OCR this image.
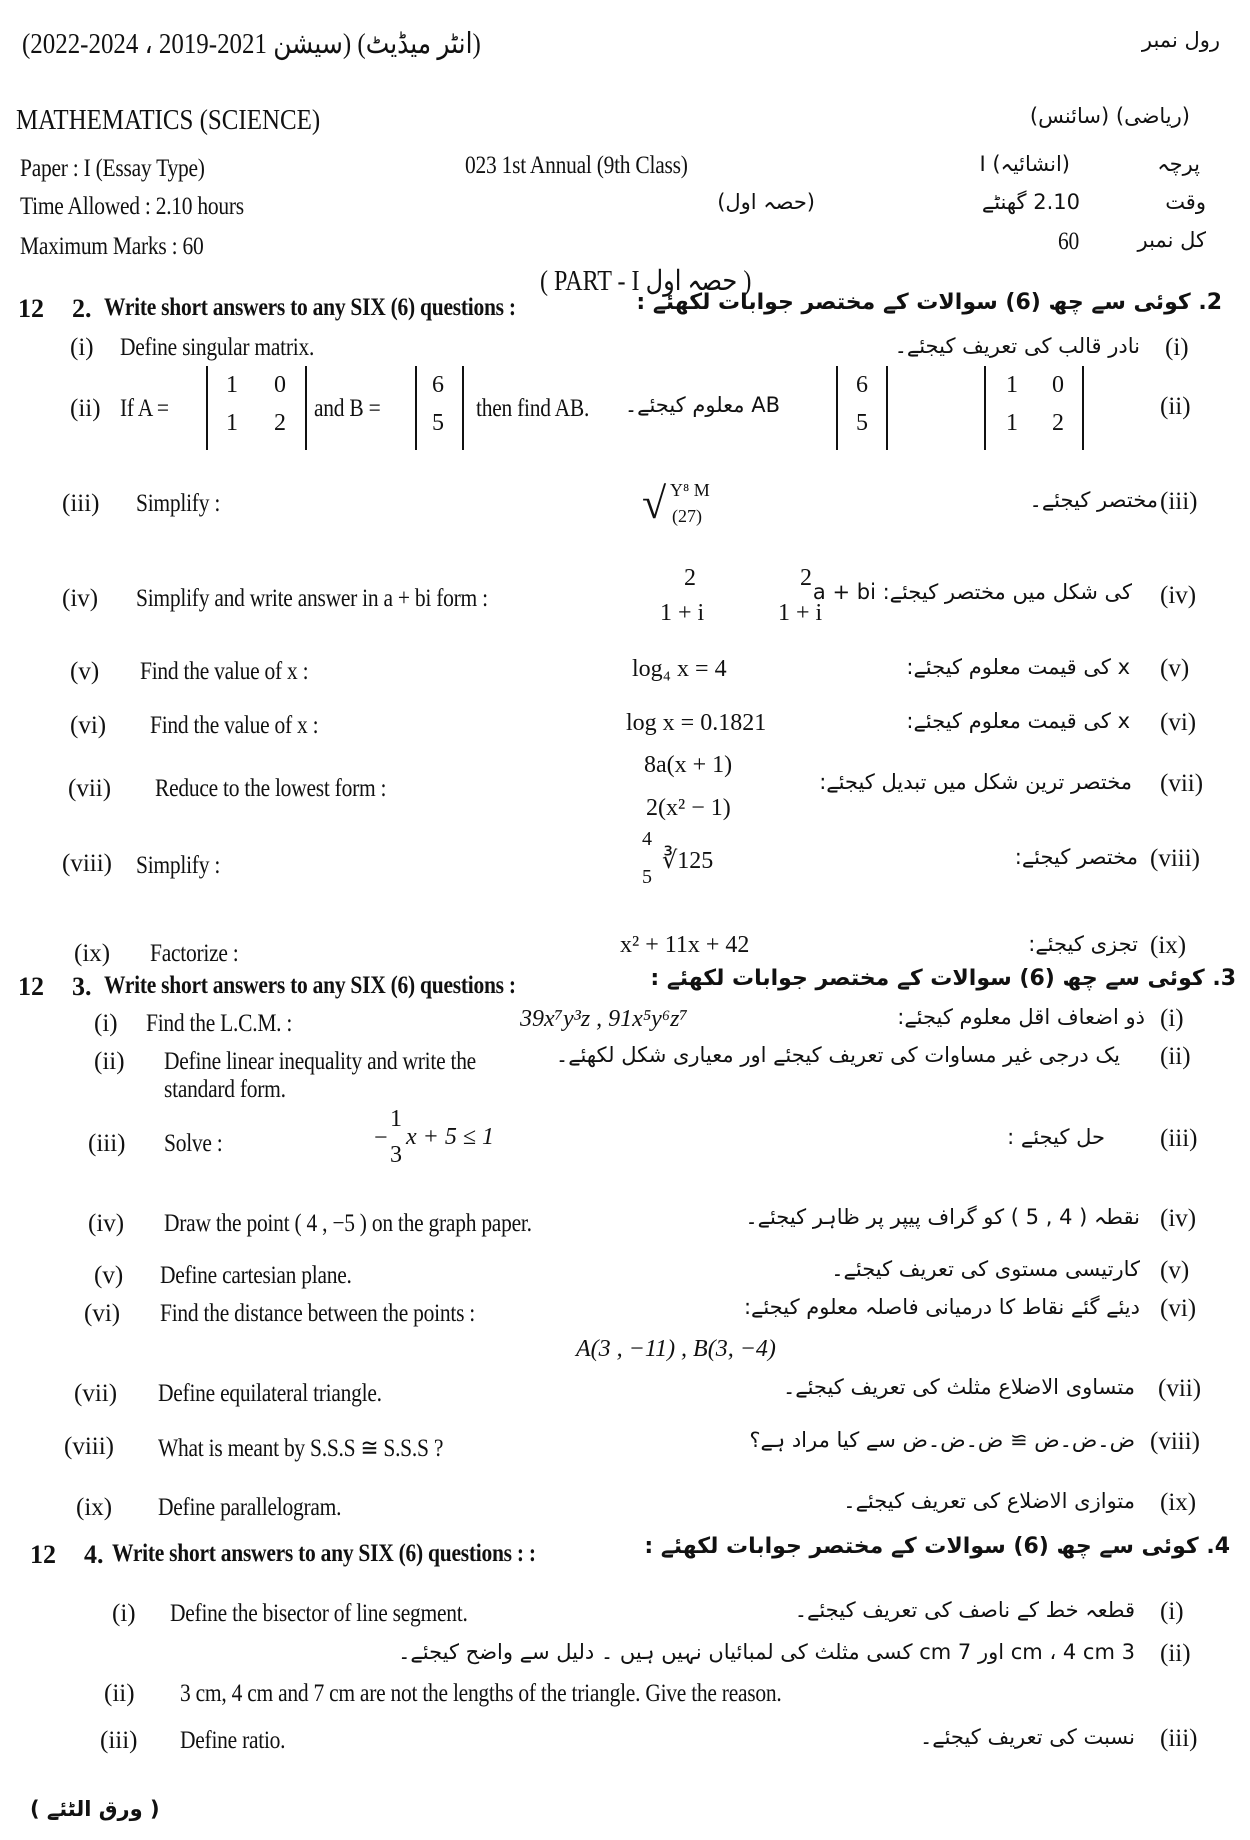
(2022-2024 ، 2019-2021 سیشن) (انٹر میڈیٹ)	رول نمبر
MATHEMATICS (SCIENCE)	(ریاضی) (سائنس)
Paper : I (Essay Type)	023 1st Annual (9th Class)	(انشائیہ) I	پرچہ
Time Allowed : 2.10 hours	(حصہ اول)	2.10 گھنٹے	وقت
Maximum Marks : 60	60	کل نمبر
( PART - I حصہ اول )
12 2. Write short answers to any SIX (6) questions :	2. کوئی سے چھ (6) سوالات کے مختصر جوابات لکھئے :
(i) Define singular matrix.	نادر قالب کی تعریف کیجئے۔ (i)
(ii) If A =
1 0
1 2
and B =
6
5
then find AB. AB معلوم کیجئے۔
6
5
1 0
1 2
(ii)
(iii) Simplify :	√ Y⁸ M
(27)
مختصر کیجئے۔ (iii)
(iv) Simplify and write answer in a + bi form :
2
1 + i
2
1 + i
کی شکل میں مختصر کیجئے: a + bi (iv)
(v) Find the value of x :	log₄ x = 4	x کی قیمت معلوم کیجئے: (v)
(vi) Find the value of x :	log x = 0.1821	x کی قیمت معلوم کیجئے: (vi)
(vii) Reduce to the lowest form :
8a(x + 1)
2(x² − 1)
مختصر ترین شکل میں تبدیل کیجئے: (vii)
(viii) Simplify :
4
5
∛125	مختصر کیجئے: (viii)
(ix) Factorize :	x² + 11x + 42	تجزی کیجئے: (ix)
12 3. Write short answers to any SIX (6) questions :	3. کوئی سے چھ (6) سوالات کے مختصر جوابات لکھئے :
(i) Find the L.C.M. :	39x⁷y³z , 91x⁵y⁶z⁷	ذو اضعاف اقل معلوم کیجئے: (i)
(ii) Define linear inequality and write the
standard form.
یک درجی غیر مساوات کی تعریف کیجئے اور معیاری شکل لکھئے۔ (ii)
(iii) Solve :	−
1
3
x + 5 ≤ 1	حل کیجئے : (iii)
(iv) Draw the point ( 4 , −5 ) on the graph paper.	نقطہ ( 4 , 5 ) کو گراف پیپر پر ظاہر کیجئے۔ (iv)
(v) Define cartesian plane.	کارتیسی مستوی کی تعریف کیجئے۔ (v)
(vi) Find the distance between the points :
A(3 , −11) , B(3, −4)
دیئے گئے نقاط کا درمیانی فاصلہ معلوم کیجئے: (vi)
(vii) Define equilateral triangle.	متساوی الاضلاع مثلث کی تعریف کیجئے۔ (vii)
(viii) What is meant by S.S.S ≅ S.S.S ?	ض۔ض۔ض ≅ ض۔ض۔ض سے کیا مراد ہے؟ (viii)
(ix) Define parallelogram.	متوازی الاضلاع کی تعریف کیجئے۔ (ix)
12 4. Write short answers to any SIX (6) questions : :	4. کوئی سے چھ (6) سوالات کے مختصر جوابات لکھئے :
(i) Define the bisector of line segment.	قطعہ خط کے ناصف کی تعریف کیجئے۔ (i)
3 cm ، 4 cm اور 7 cm کسی مثلث کی لمبائیاں نہیں ہیں ۔ دلیل سے واضح کیجئے۔ (ii)
(ii) 3 cm, 4 cm and 7 cm are not the lengths of the triangle. Give the reason.
(iii) Define ratio.	نسبت کی تعریف کیجئے۔ (iii)
( ورق الٹئے )
